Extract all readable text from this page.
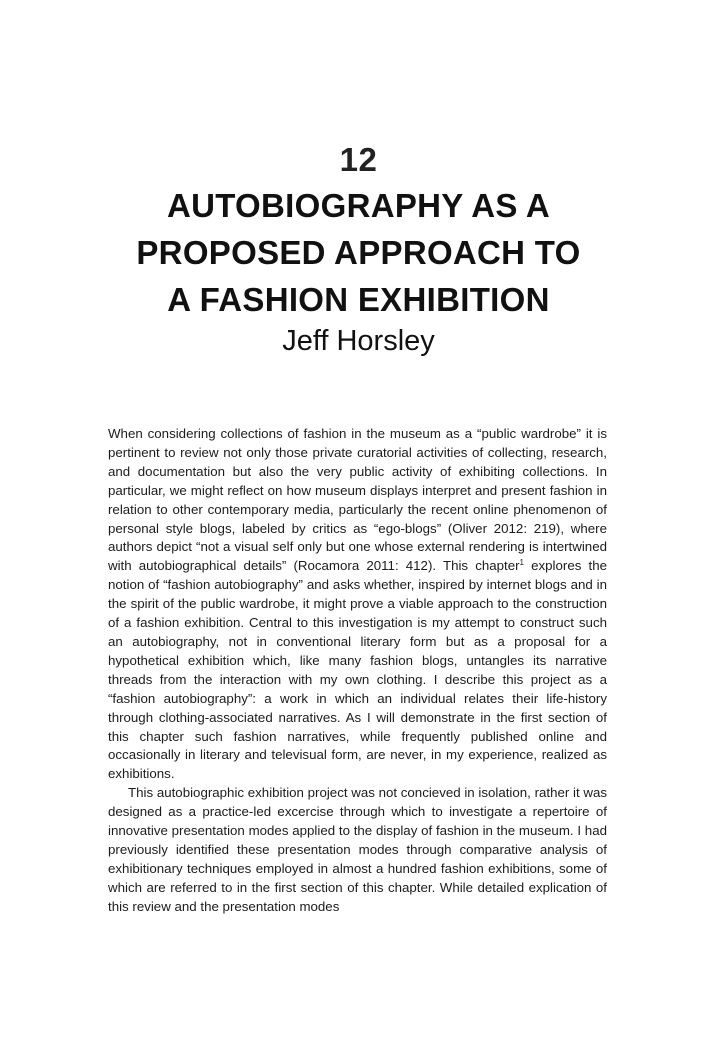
12
AUTOBIOGRAPHY AS A
PROPOSED APPROACH TO
A FASHION EXHIBITION
Jeff Horsley

When considering collections of fashion in the museum as a “public wardrobe” it is pertinent to review not only those private curatorial activities of collecting, research, and documentation but also the very public activity of exhibiting collections. In particular, we might reflect on how museum displays interpret and present fashion in relation to other contemporary media, particularly the recent online phenomenon of personal style blogs, labeled by critics as “ego-blogs” (Oliver 2012: 219), where authors depict “not a visual self only but one whose external rendering is intertwined with autobiographical details” (Rocamora 2011: 412). This chapter$^1$ explores the notion of “fashion autobiography” and asks whether, inspired by internet blogs and in the spirit of the public wardrobe, it might prove a viable approach to the construction of a fashion exhibition. Central to this investigation is my attempt to construct such an autobiography, not in conventional literary form but as a proposal for a hypothetical exhibition which, like many fashion blogs, untangles its narrative threads from the interaction with my own clothing. I describe this project as a “fashion autobiography”: a work in which an individual relates their life-history through clothing-associated narratives. As I will demonstrate in the first section of this chapter such fashion narratives, while frequently published online and occasionally in literary and televisual form, are never, in my experience, realized as exhibitions.

This autobiographic exhibition project was not concieved in isolation, rather it was designed as a practice-led excercise through which to investigate a repertoire of innovative presentation modes applied to the display of fashion in the museum. I had previously identified these presentation modes through comparative analysis of exhibitionary techniques employed in almost a hundred fashion exhibitions, some of which are referred to in the first section of this chapter. While detailed explication of this review and the presentation modes
